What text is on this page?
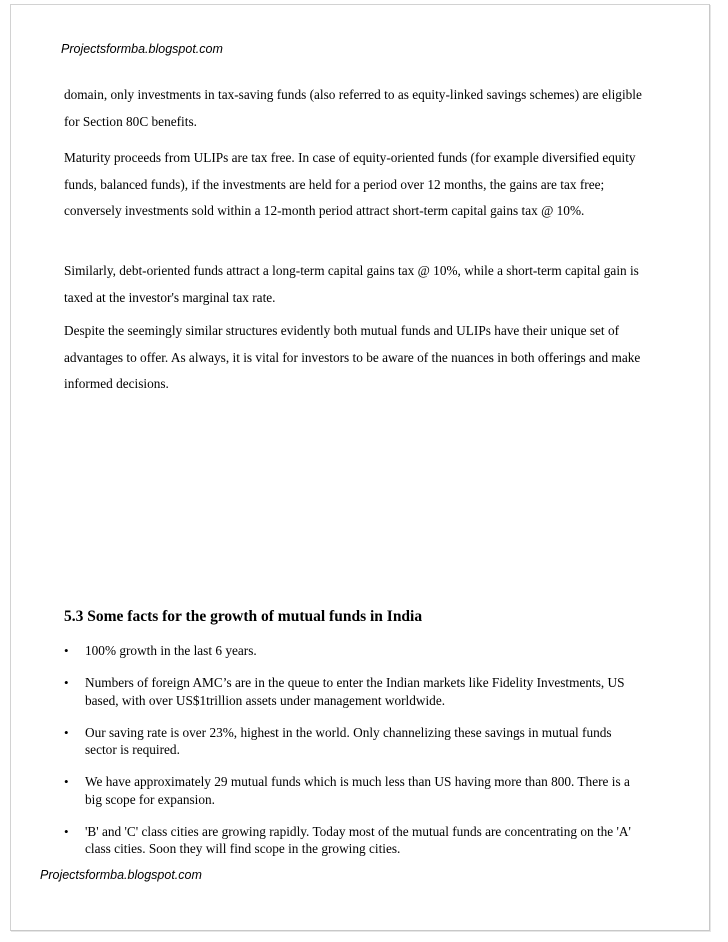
Projectsformba.blogspot.com

domain, only investments in tax-saving funds (also referred to as equity-linked savings schemes) are eligible for Section 80C benefits.

Maturity proceeds from ULIPs are tax free. In case of equity-oriented funds (for example diversified equity funds, balanced funds), if the investments are held for a period over 12 months, the gains are tax free; conversely investments sold within a 12-month period attract short-term capital gains tax @ 10%.

Similarly, debt-oriented funds attract a long-term capital gains tax @ 10%, while a short-term capital gain is taxed at the investor's marginal tax rate.

Despite the seemingly similar structures evidently both mutual funds and ULIPs have their unique set of advantages to offer. As always, it is vital for investors to be aware of the nuances in both offerings and make informed decisions.

5.3 Some facts for the growth of mutual funds in India
• 100% growth in the last 6 years.
• Numbers of foreign AMC’s are in the queue to enter the Indian markets like Fidelity Investments, US based, with over US$1trillion assets under management worldwide.
• Our saving rate is over 23%, highest in the world. Only channelizing these savings in mutual funds sector is required.
• We have approximately 29 mutual funds which is much less than US having more than 800. There is a big scope for expansion.
• 'B' and 'C' class cities are growing rapidly. Today most of the mutual funds are concentrating on the 'A' class cities. Soon they will find scope in the growing cities.
Projectsformba.blogspot.com
